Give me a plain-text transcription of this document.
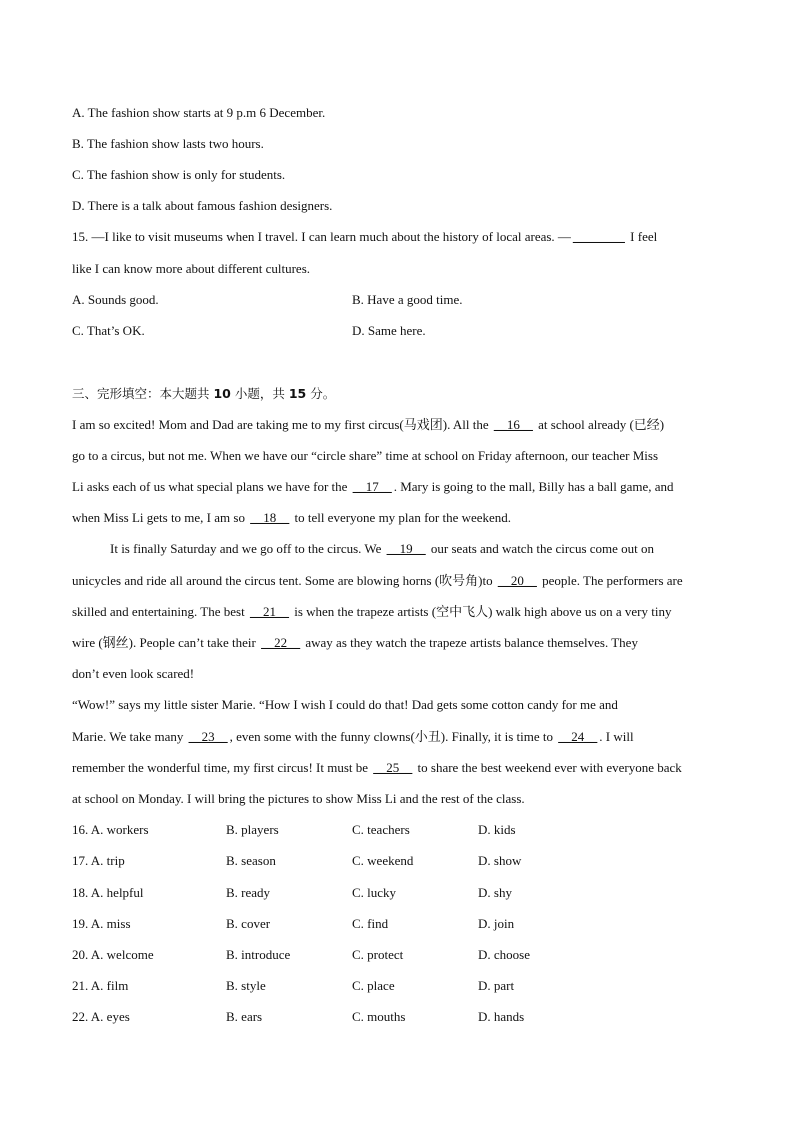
A. The fashion show starts at 9 p.m 6 December.
B. The fashion show lasts two hours.
C. The fashion show is only for students.
D. There is a talk about famous fashion designers.
15. —I like to visit museums when I travel. I can learn much about the history of local areas. — ________ I feel
like I can know more about different cultures.
A. Sounds good.	B. Have a good time.
C. That’s OK.	D. Same here.
三、完形填空：本大题共 10 小题，共 15 分。
I am so excited! Mom and Dad are taking me to my first circus(马戏团). All the __16__ at school already (已经)
go to a circus, but not me. When we have our “circle share” time at school on Friday afternoon, our teacher Miss
Li asks each of us what special plans we have for the __17__ . Mary is going to the mall, Billy has a ball game, and
when Miss Li gets to me, I am so __18__ to tell everyone my plan for the weekend.
It is finally Saturday and we go off to the circus. We __19__ our seats and watch the circus come out on
unicycles and ride all around the circus tent. Some are blowing horns (吹号角)to __20__ people. The performers are
skilled and entertaining. The best __21__ is when the trapeze artists (空中飞人) walk high above us on a very tiny
wire (钢丝). People can’t take their __22__ away as they watch the trapeze artists balance themselves. They
don’t even look scared!
“Wow!” says my little sister Marie. “How I wish I could do that! Dad gets some cotton candy for me and
Marie. We take many __23__ , even some with the funny clowns(小丑). Finally, it is time to __24__ . I will
remember the wonderful time, my first circus! It must be __25__ to share the best weekend ever with everyone back
at school on Monday. I will bring the pictures to show Miss Li and the rest of the class.
16. A. workers	B. players	C. teachers	D. kids
17. A. trip	B. season	C. weekend	D. show
18. A. helpful	B. ready	C. lucky	D. shy
19. A. miss	B. cover	C. find	D. join
20. A. welcome	B. introduce	C. protect	D. choose
21. A. film	B. style	C. place	D. part
22. A. eyes	B. ears	C. mouths	D. hands
